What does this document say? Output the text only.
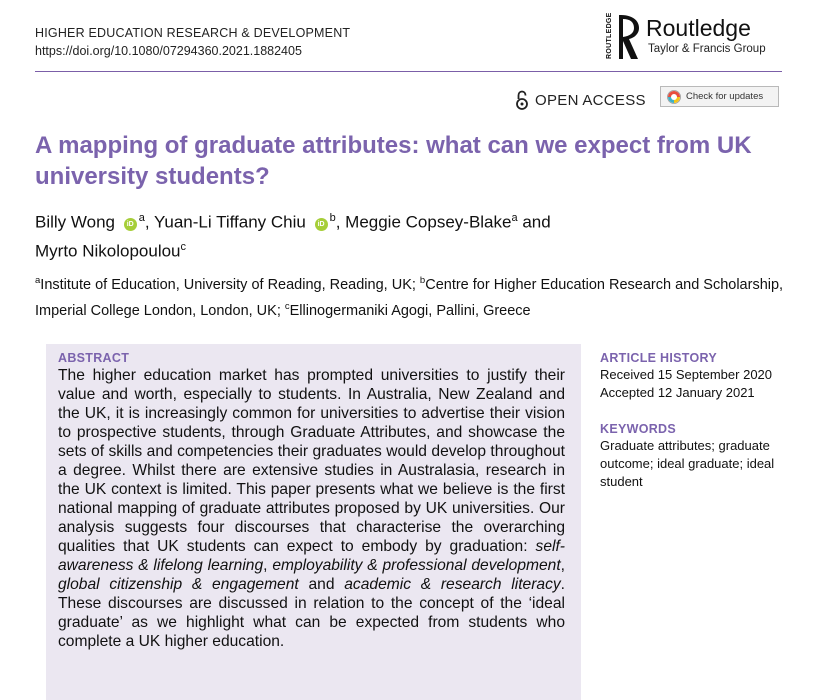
HIGHER EDUCATION RESEARCH & DEVELOPMENT
https://doi.org/10.1080/07294360.2021.1882405	ROUTLEDGE Routledge
Taylor & Francis Group
OPEN ACCESS	Check for updates
A mapping of graduate attributes: what can we expect from UK university students?
Billy Wong $iD^a$, Yuan-Li Tiffany Chiu $iD^b$, Meggie Copsey-Blake$^a$ and
Myrto Nikolopoulou$^c$
$^a$Institute of Education, University of Reading, Reading, UK; $^b$Centre for Higher Education Research and Scholarship, Imperial College London, London, UK; $^c$Ellinogermaniki Agogi, Pallini, Greece
ABSTRACT
The higher education market has prompted universities to justify their value and worth, especially to students. In Australia, New Zealand and the UK, it is increasingly common for universities to advertise their vision to prospective students, through Graduate Attributes, and showcase the sets of skills and competencies their graduates would develop throughout a degree. Whilst there are extensive studies in Australasia, research in the UK context is limited. This paper presents what we believe is the first national mapping of graduate attributes proposed by UK universities. Our analysis suggests four discourses that characterise the overarching qualities that UK students can expect to embody by graduation: self-awareness & lifelong learning, employability & professional development, global citizenship & engagement and academic & research literacy. These discourses are discussed in relation to the concept of the ‘ideal graduate’ as we highlight what can be expected from students who complete a UK higher education.
ARTICLE HISTORY
Received 15 September 2020
Accepted 12 January 2021
KEYWORDS
Graduate attributes; graduate outcome; ideal graduate; ideal student
